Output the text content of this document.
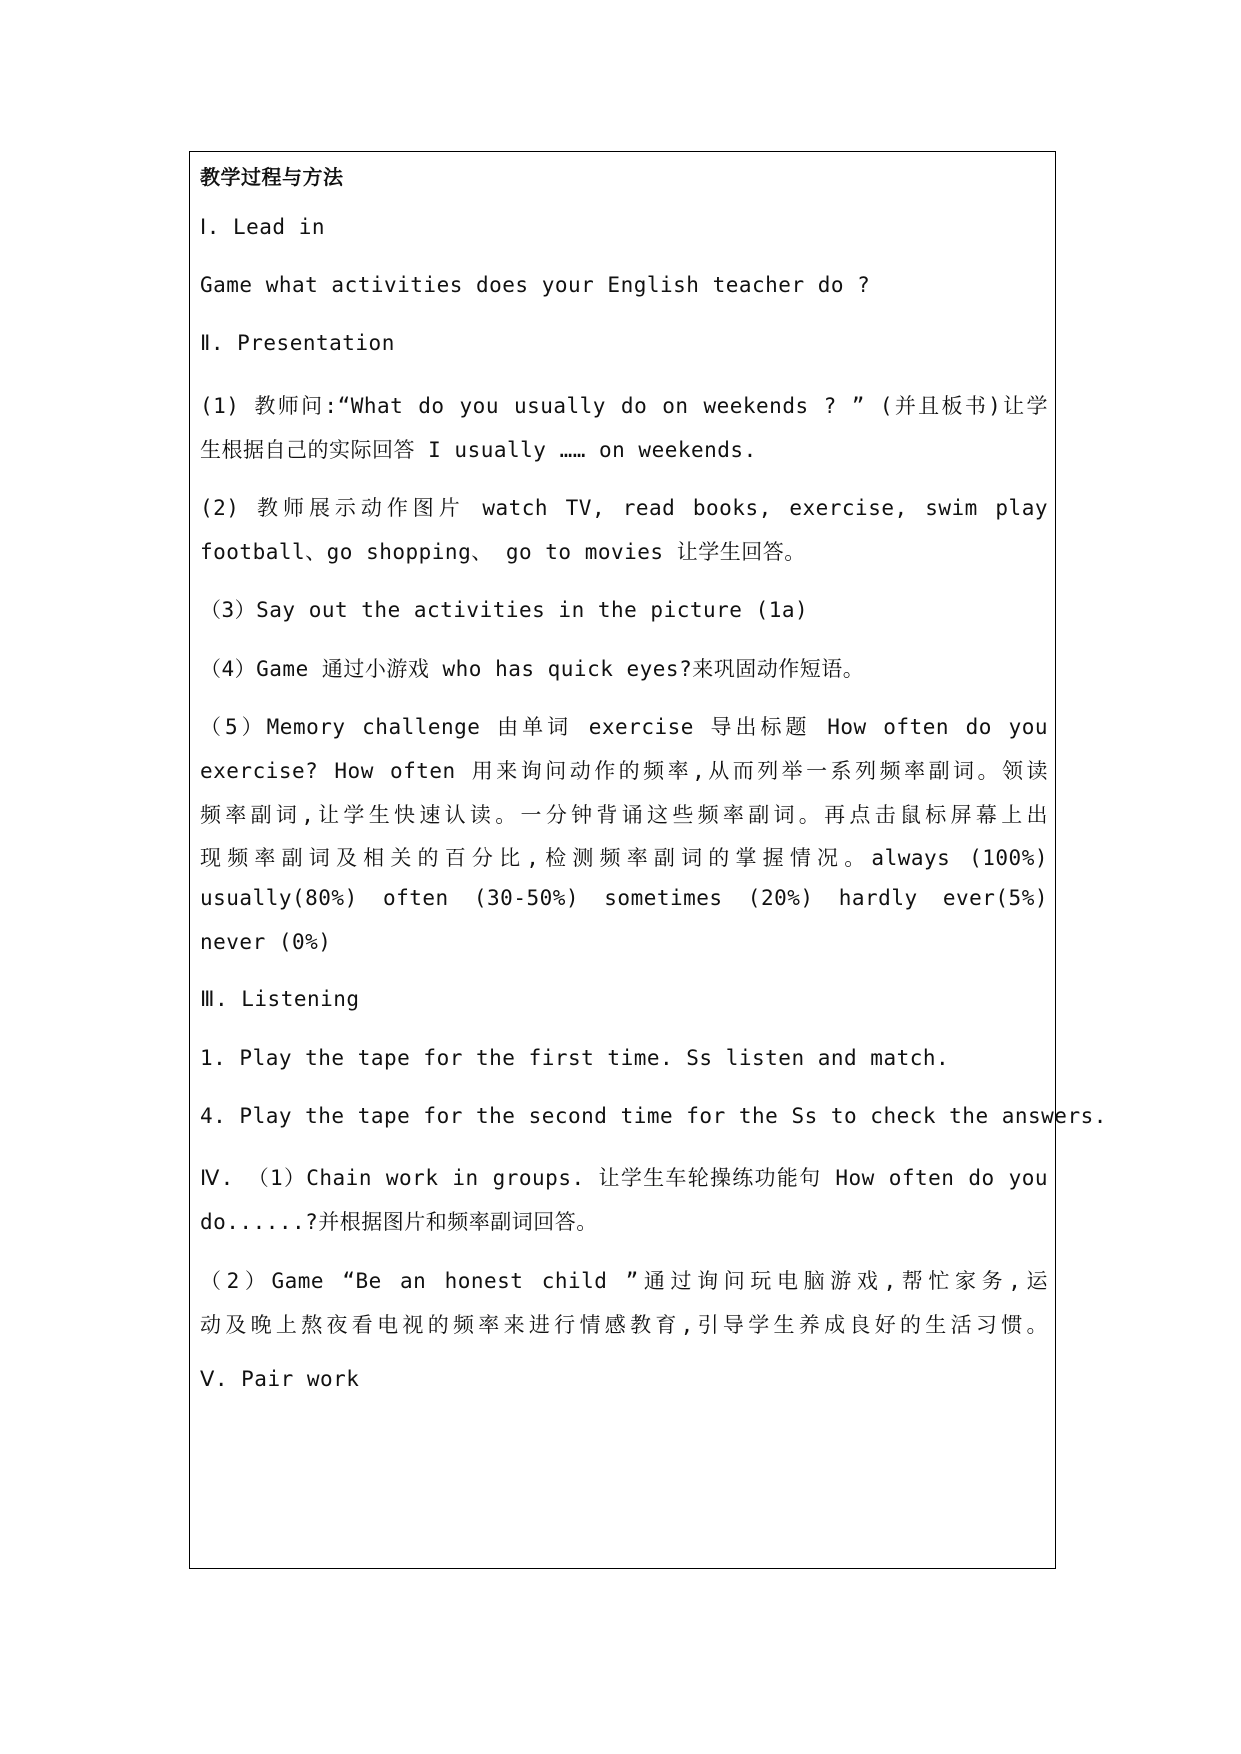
教学过程与方法
Ⅰ. Lead in
Game what activities does your English teacher do ?
Ⅱ. Presentation
(1) 教师问:“What do you usually do on weekends ? ” (并且板书)让学
生根据自己的实际回答 I usually …… on weekends.
(2) 教师展示动作图片 watch TV, read books, exercise, swim play
football、go shopping、 go to movies 让学生回答。
（3）Say out the activities in the picture (1a)
（4）Game 通过小游戏 who has quick eyes?来巩固动作短语。
（5）Memory challenge 由单词 exercise 导出标题 How often do you
exercise? How often 用来询问动作的频率,从而列举一系列频率副词。领读
频率副词,让学生快速认读。一分钟背诵这些频率副词。再点击鼠标屏幕上出
现频率副词及相关的百分比,检测频率副词的掌握情况。always (100%)
usually(80%) often (30-50%) sometimes (20%) hardly ever(5%)
never (0%)
Ⅲ. Listening
1. Play the tape for the first time. Ss listen and match.
4. Play the tape for the second time for the Ss to check the answers.
Ⅳ. （1）Chain work in groups. 让学生车轮操练功能句 How often do you
do......?并根据图片和频率副词回答。
（2）Game “Be an honest child ”通过询问玩电脑游戏,帮忙家务,运
动及晚上熬夜看电视的频率来进行情感教育,引导学生养成良好的生活习惯。
Ⅴ. Pair work
